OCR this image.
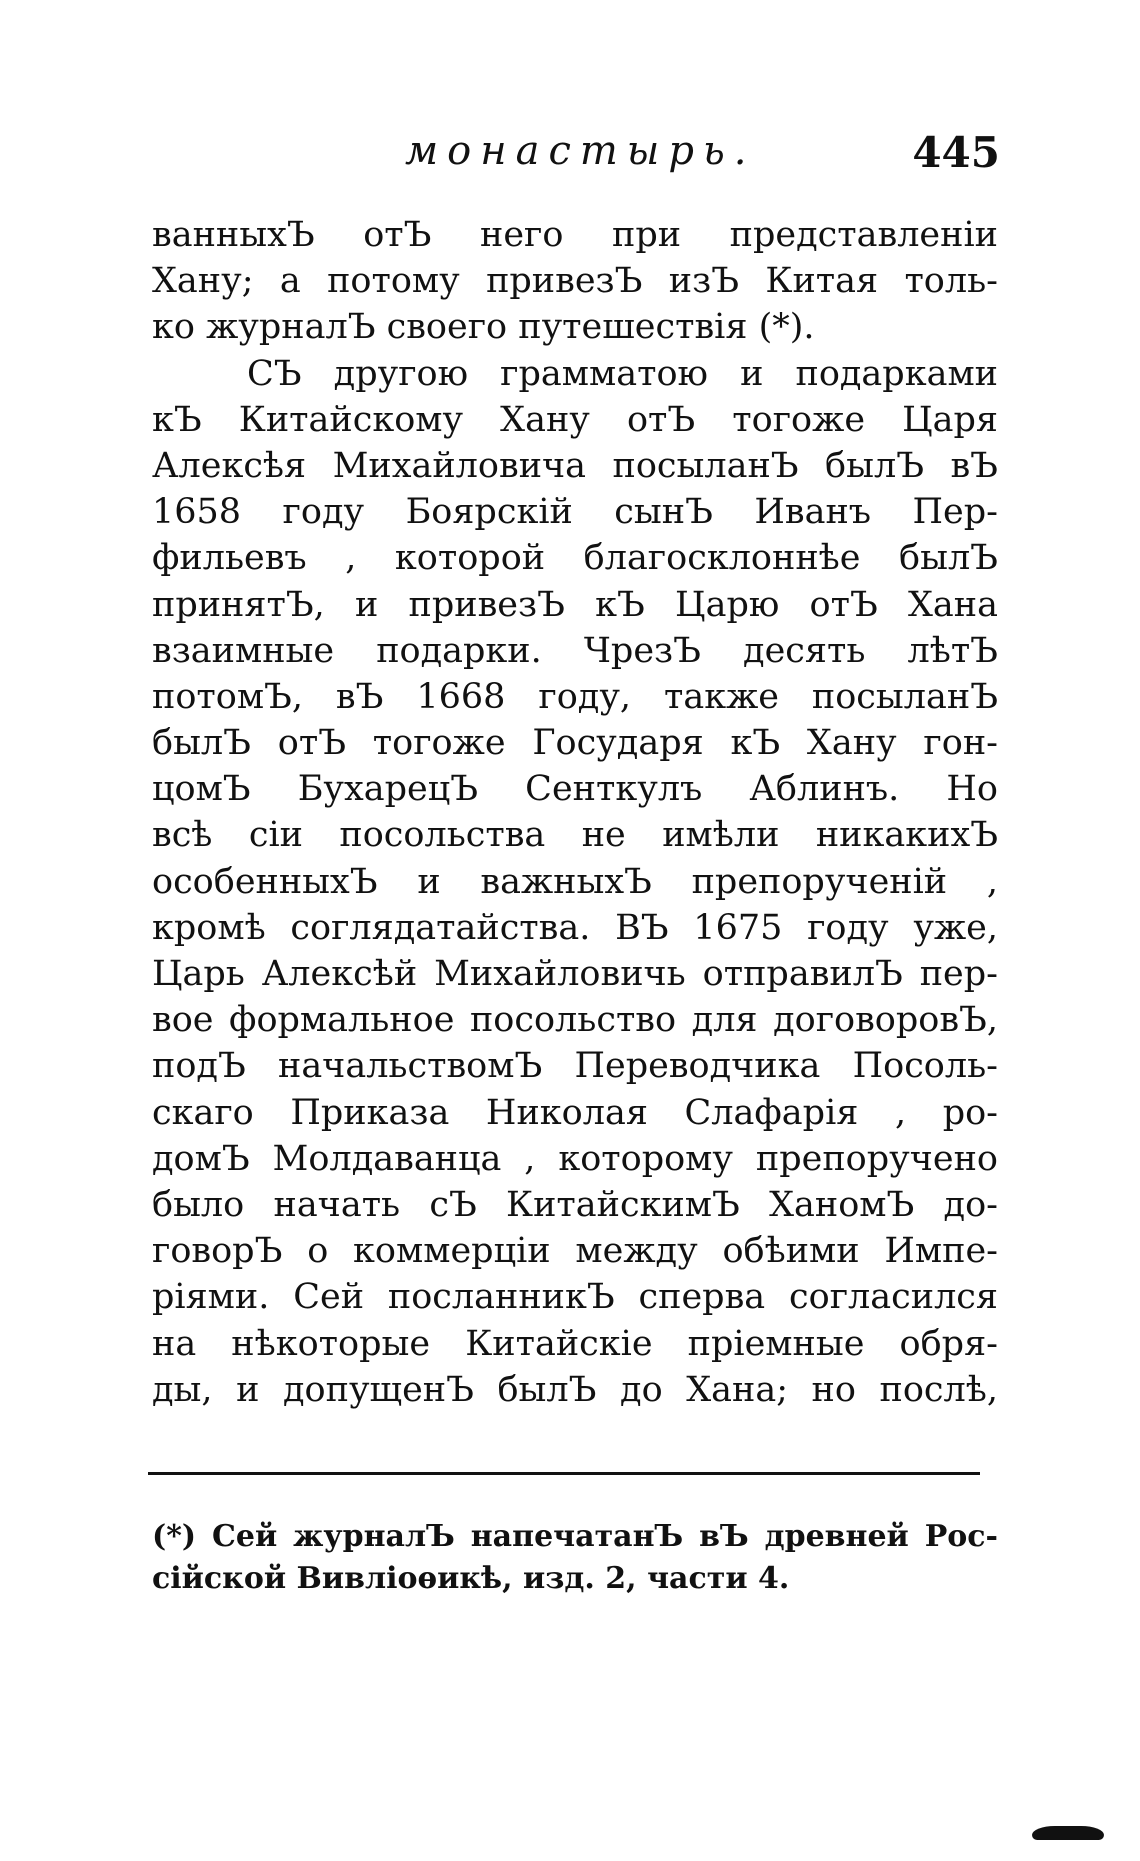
монастырь.	445
ванныхЪ отЪ него при представленіи
Хану; а потому привезЪ изЪ Китая толь-
ко журналЪ своего путешествія (*).
СЪ другою грамматою и подарками
кЪ Китайскому Хану отЪ тогоже Царя
Алексѣя Михайловича посыланЪ былЪ вЪ
1658 году Боярскій сынЪ Иванъ Пер-
фильевъ , которой благосклоннѣе былЪ
принятЪ, и привезЪ кЪ Царю отЪ Хана
взаимные подарки. ЧрезЪ десять лѣтЪ
потомЪ, вЪ 1668 году, также посыланЪ
былЪ отЪ тогоже Государя кЪ Хану гон-
цомЪ БухарецЪ Сенткулъ Аблинъ. Но
всѣ сіи посольства не имѣли никакихЪ
особенныхЪ и важныхЪ препорученій ,
кромѣ соглядатайства. ВЪ 1675 году уже,
Царь Алексѣй Михайловичь отправилЪ пер-
вое формальное посольство для договоровЪ,
подЪ начальствомЪ Переводчика Посоль-
скаго Приказа Николая Слафарія , ро-
домЪ Молдаванца , которому препоручено
было начать сЪ КитайскимЪ ХаномЪ до-
говорЪ о коммерціи между обѣими Импе-
ріями. Сей посланникЪ сперва согласился
на нѣкоторые Китайскіе пріемные обря-
ды, и допущенЪ былЪ до Хана; но послѣ,
(*) Сей журналЪ напечатанЪ вЪ древней Рос-
сійской Вивліоѳикѣ, изд. 2, части 4.
